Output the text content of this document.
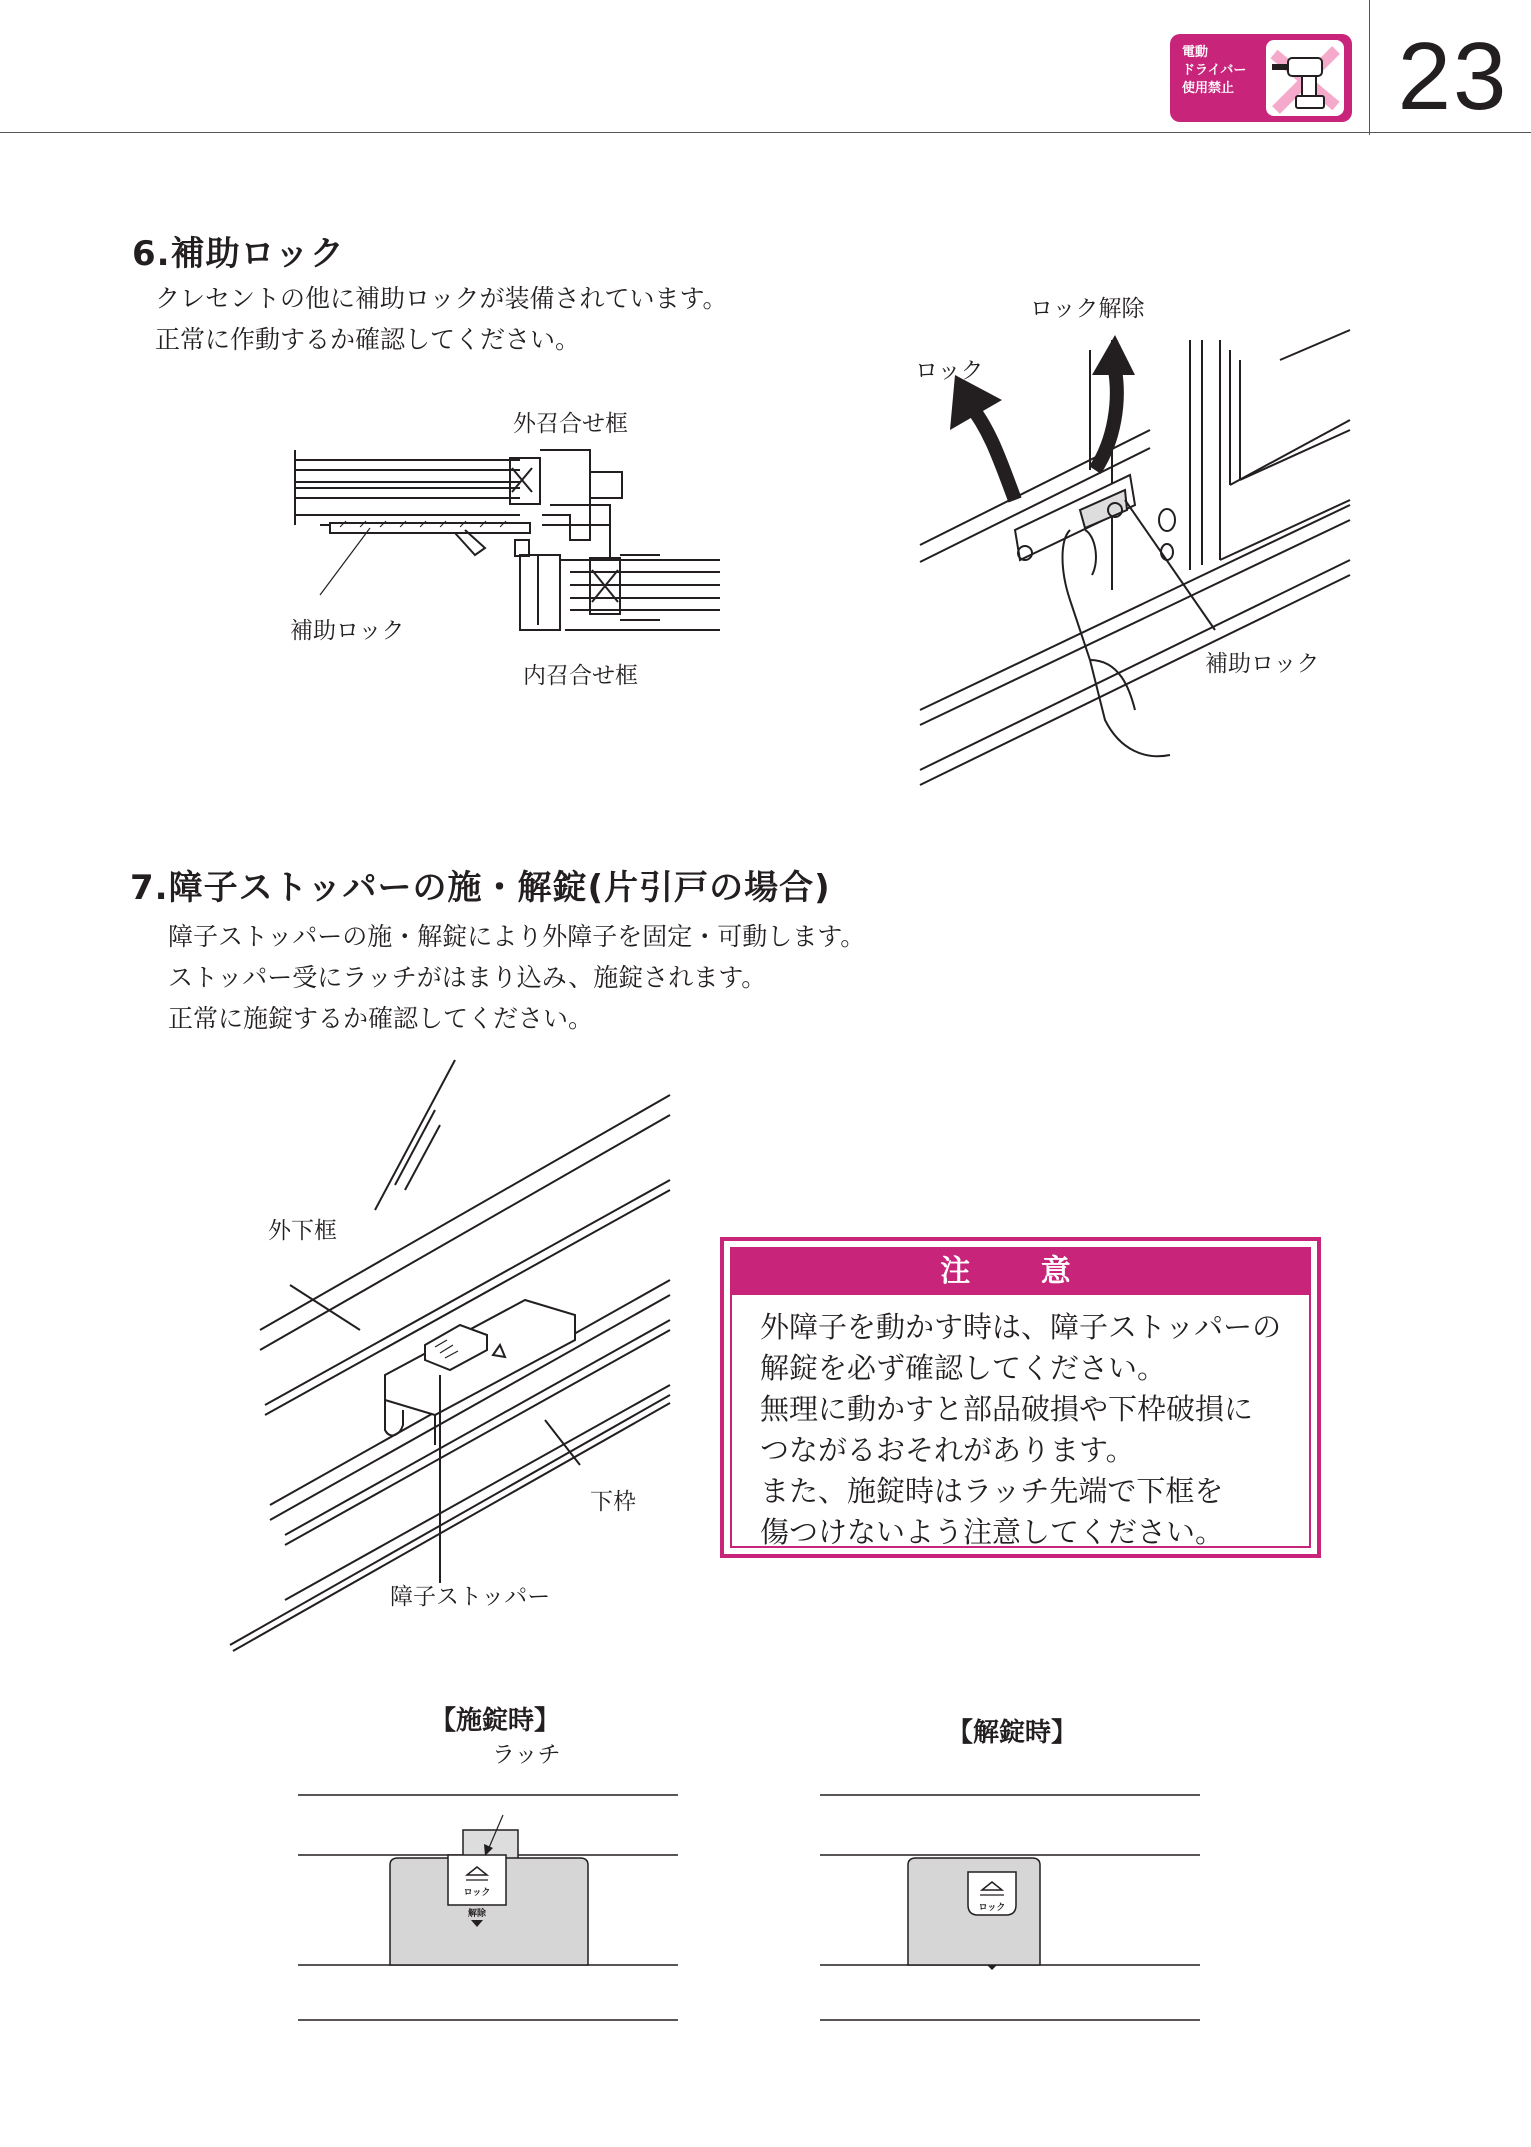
23
電動
ドライバー
使用禁止
6.補助ロック
クレセントの他に補助ロックが装備されています。
正常に作動するか確認してください。
外召合せ框
補助ロック
内召合せ框
ロック解除
ロック
補助ロック
7.障子ストッパーの施・解錠(片引戸の場合)
障子ストッパーの施・解錠により外障子を固定・可動します。
ストッパー受にラッチがはまり込み、施錠されます。
正常に施錠するか確認してください。
外下框
下枠
障子ストッパー
注 意
外障子を動かす時は、障子ストッパーの
解錠を必ず確認してください。
無理に動かすと部品破損や下枠破損に
つながるおそれがあります。
また、施錠時はラッチ先端で下框を
傷つけないよう注意してください。
【施錠時】
ラッチ
【解錠時】
ロック
解除
ロック
